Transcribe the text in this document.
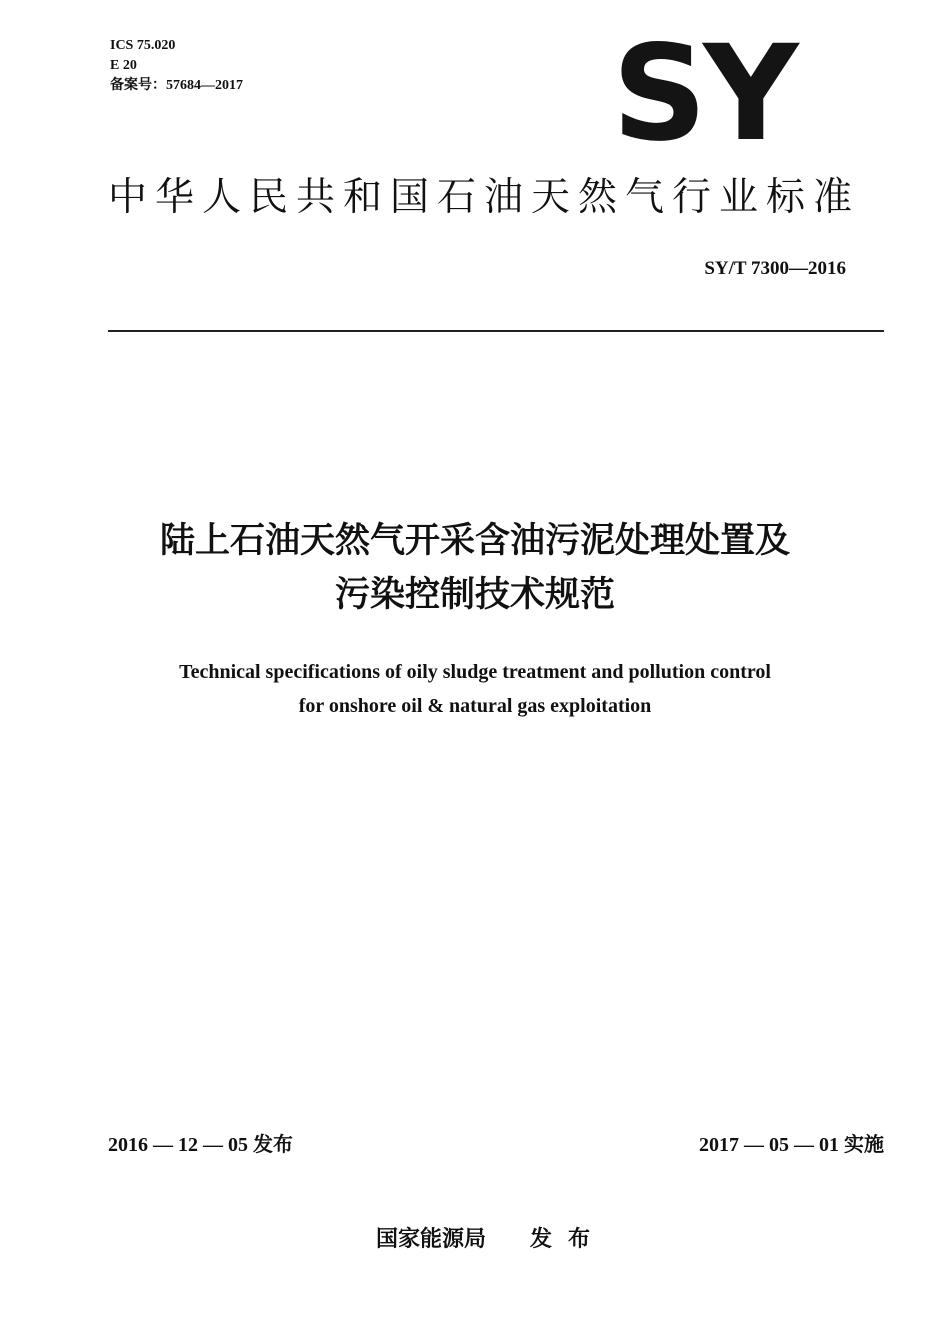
ICS 75.020
E 20
备案号：57684—2017	SY
中华人民共和国石油天然气行业标准
SY/T 7300—2016
陆上石油天然气开采含油污泥处理处置及
污染控制技术规范
Technical specifications of oily sludge treatment and pollution control
for onshore oil & natural gas exploitation
2016 — 12 — 05 发布	2017 — 05 — 01 实施
国家能源局 发布
